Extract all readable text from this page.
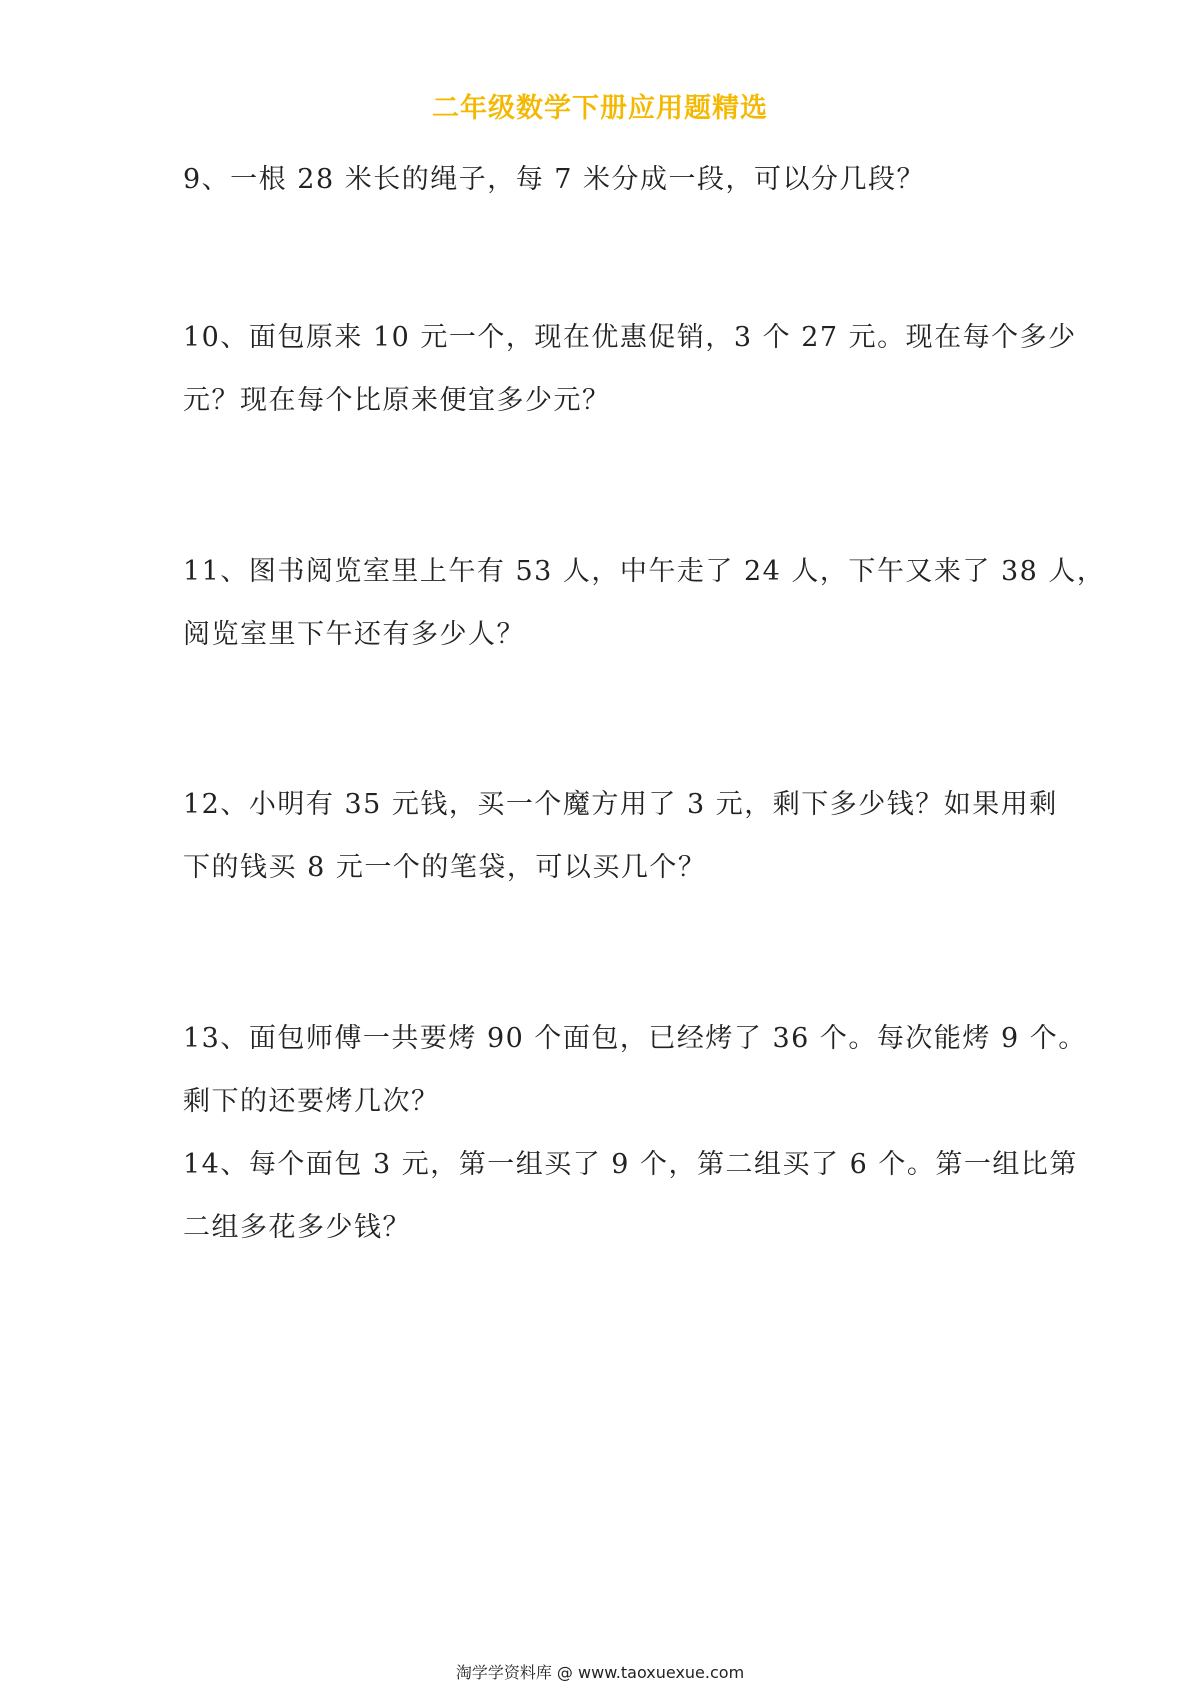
二年级数学下册应用题精选
9、一根 28 米长的绳子，每 7 米分成一段，可以分几段？
10、面包原来 10 元一个，现在优惠促销，3 个 27 元。现在每个多少
元？现在每个比原来便宜多少元？
11、图书阅览室里上午有 53 人，中午走了 24 人，下午又来了 38 人，
阅览室里下午还有多少人？
12、小明有 35 元钱，买一个魔方用了 3 元，剩下多少钱？如果用剩
下的钱买 8 元一个的笔袋，可以买几个？
13、面包师傅一共要烤 90 个面包，已经烤了 36 个。每次能烤 9 个。
剩下的还要烤几次？
14、每个面包 3 元，第一组买了 9 个，第二组买了 6 个。第一组比第
二组多花多少钱？
淘学学资料库 @ www.taoxuexue.com
